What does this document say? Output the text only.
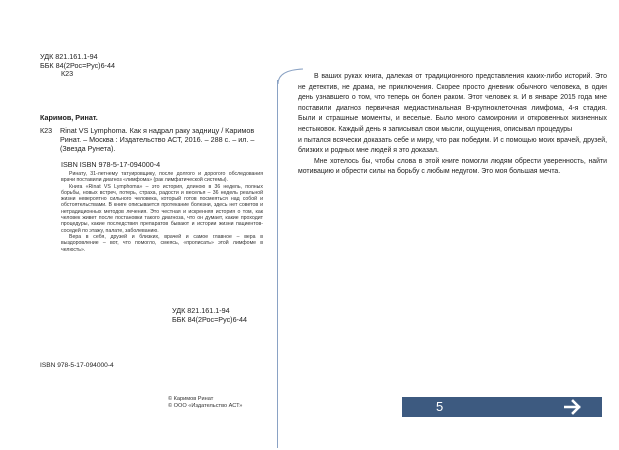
УДК 821.161.1-94
ББК 84(2Рос=Рус)6-44
К23
Каримов, Ринат.
К23 Rinat VS Lymphoma. Как я надрал раку задницу / Каримов Ринат. – Москва : Издательство АСТ, 2016. – 288 с. – ил. – (Звезда Рунета).
ISBN ISBN 978-5-17-094000-4

Ринату, 31-летнему татуировщику, после долгого и дорогого обследования врачи поставили диагноз «лимфома» (рак лимфатической системы).

Книга «Rinat VS Lymphoma» – это история, длиною в 36 недель, полных борьбы, новых встреч, потерь, страха, радости и веселья – 36 недель реальной жизни невероятно сильного человека, который готов посмеяться над собой и обстоятельствами. В книге описывается протекание болезни, здесь нет советов и нетрадиционных методов лечения. Это честная и искренняя история о том, как человек живет после постановки такого диагноза, что он думает, какие проходит процедуры, какие последствия препаратов бывают и истории жизни пациентов-соседей по этажу, палате, заболеванию.

Вера в себя, друзей и близких, врачей и самое главное – вера в выздоровление – вот, что помогло, смеясь, «прописать» этой лимфоме в челюсть».

УДК 821.161.1-94
ББК 84(2Рос=Рус)6-44
ISBN 978-5-17-094000-4
© Каримов Ринат
© ООО «Издательство АСТ»

В ваших руках книга, далекая от традиционного представления каких-либо историй. Это не детектив, не драма, не приключения. Скорее просто дневник обычного человека, в один день узнавшего о том, что теперь он болен раком. Этот человек я. И в январе 2015 года мне поставили диагноз первичная медиастинальная В-крупноклеточная лимфома, 4-я стадия. Были и страшные моменты, и веселые. Было много самоиронии и откровенных жизненных нестыковок. Каждый день я записывал свои мысли, ощущения, описывал процедуры

и пытался всячески доказать себе и миру, что рак победим. И с помощью моих врачей, друзей, близких и родных мне людей я это доказал.

Мне хотелось бы, чтобы слова в этой книге помогли людям обрести уверенность, найти мотивацию и обрести силы на борьбу с любым недугом. Это моя большая мечта.

5
